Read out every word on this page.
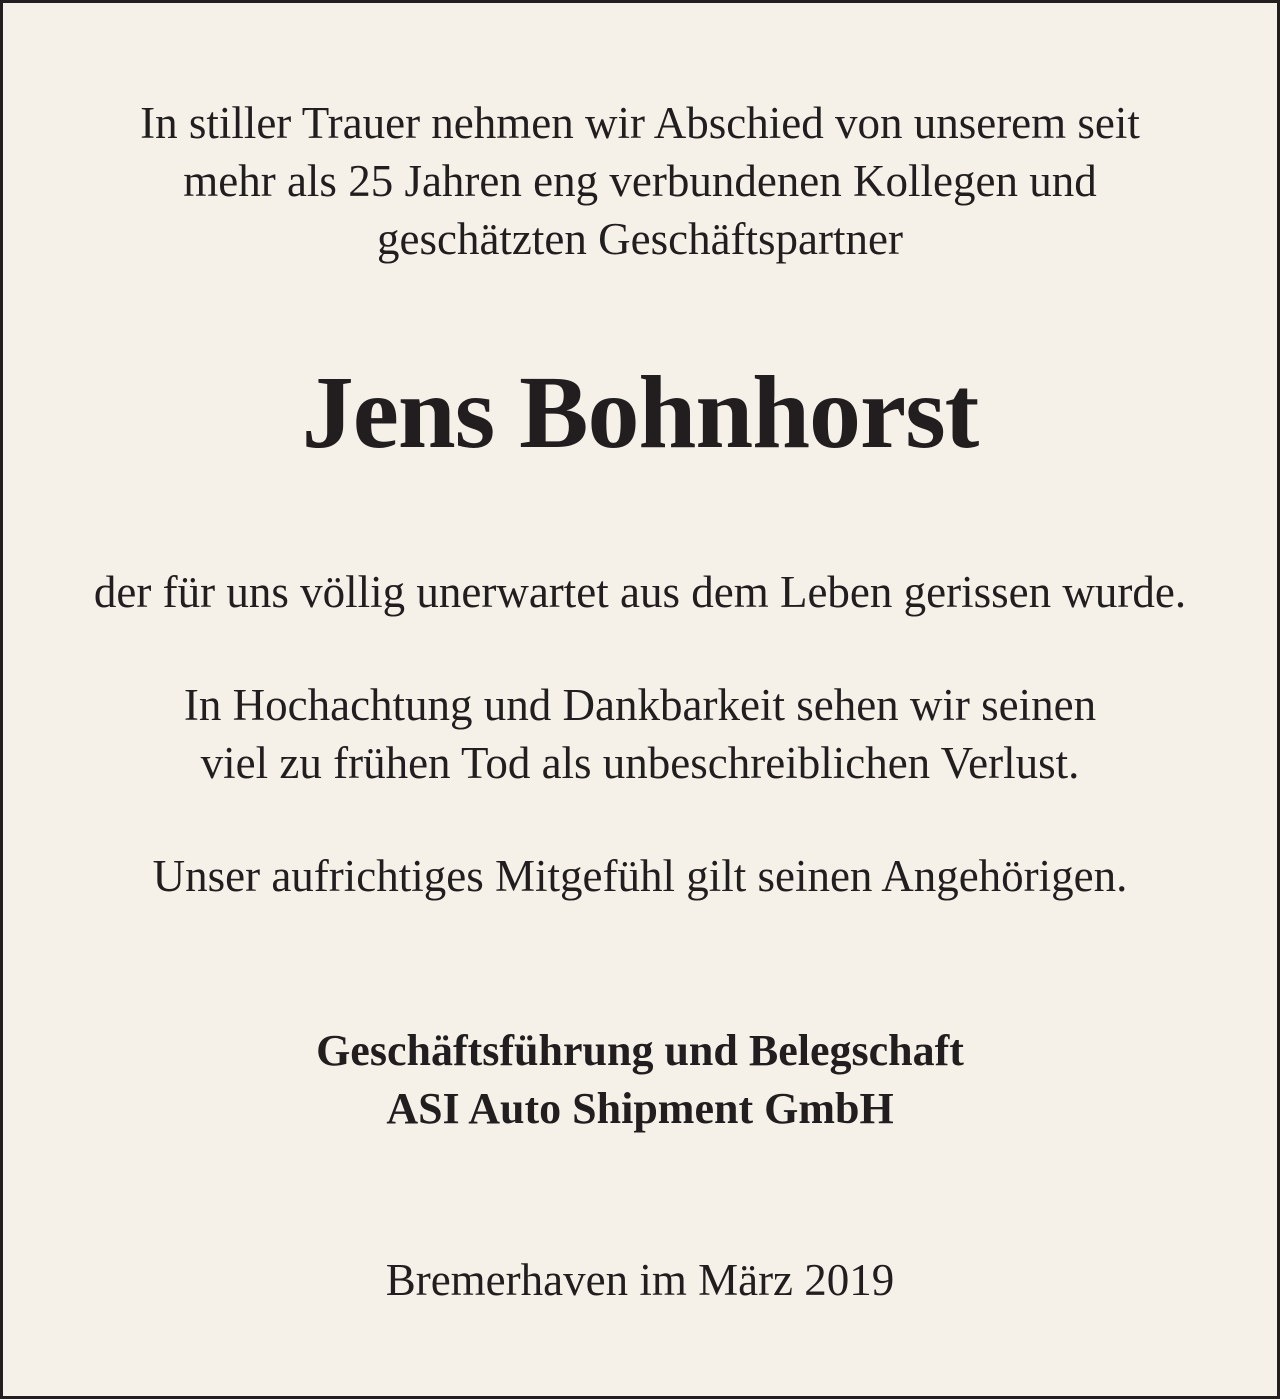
In stiller Trauer nehmen wir Abschied von unserem seit

mehr als 25 Jahren eng verbundenen Kollegen und

geschätzten Geschäftspartner

Jens Bohnhorst

der für uns völlig unerwartet aus dem Leben gerissen wurde.

In Hochachtung und Dankbarkeit sehen wir seinen

viel zu frühen Tod als unbeschreiblichen Verlust.

Unser aufrichtiges Mitgefühl gilt seinen Angehörigen.

Geschäftsführung und Belegschaft

ASI Auto Shipment GmbH

Bremerhaven im März 2019
